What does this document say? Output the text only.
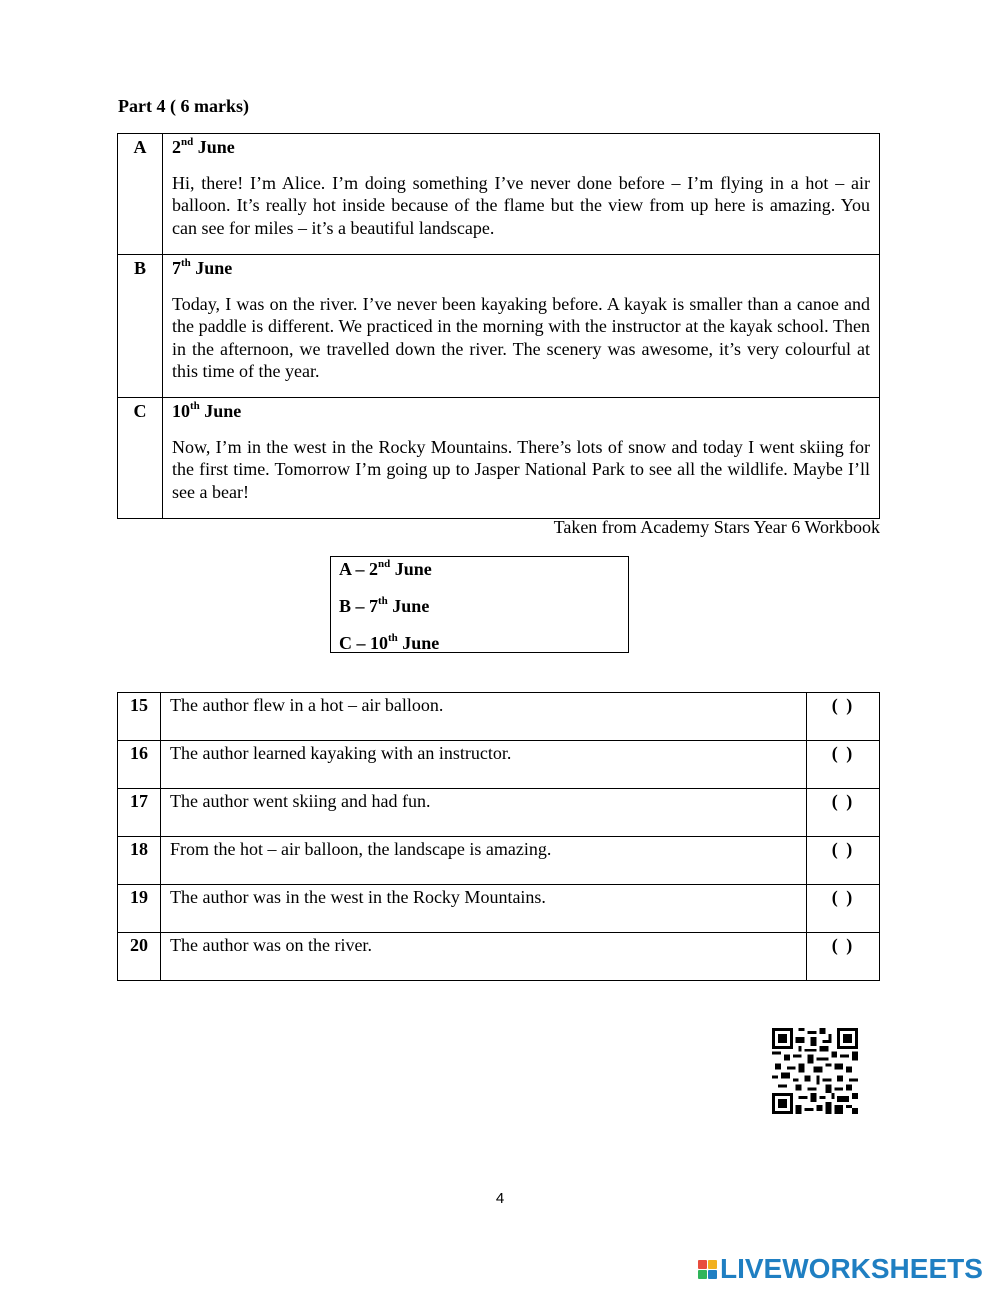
Part 4 ( 6 marks)
A	2nd June
Hi, there! I’m Alice. I’m doing something I’ve never done before – I’m flying in a hot – air balloon. It’s really hot inside because of the flame but the view from up here is amazing. You can see for miles – it’s a beautiful landscape.

B	7th June
Today, I was on the river. I’ve never been kayaking before. A kayak is smaller than a canoe and the paddle is different. We practiced in the morning with the instructor at the kayak school. Then in the afternoon, we travelled down the river. The scenery was awesome, it’s very colourful at this time of the year.

C	10th June
Now, I’m in the west in the Rocky Mountains. There’s lots of snow and today I went skiing for the first time. Tomorrow I’m going up to Jasper National Park to see all the wildlife. Maybe I’ll see a bear!
Taken from Academy Stars Year 6 Workbook
A – 2nd June
B – 7th June
C – 10th June
15	The author flew in a hot – air balloon.	( )
16	The author learned kayaking with an instructor.	( )
17	The author went skiing and had fun.	( )
18	From the hot – air balloon, the landscape is amazing.	( )
19	The author was in the west in the Rocky Mountains.	( )
20	The author was on the river.	( )
4
LIVEWORKSHEETS
